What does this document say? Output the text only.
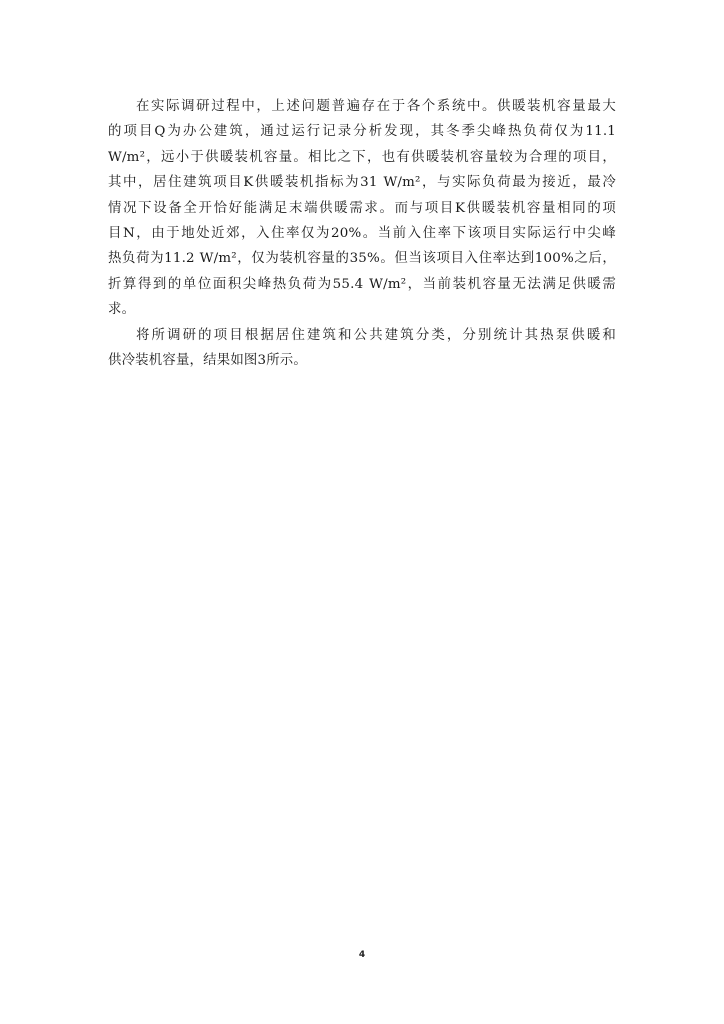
在实际调研过程中，上述问题普遍存在于各个系统中。供暖装机容量最大
的项目Q为办公建筑，通过运行记录分析发现，其冬季尖峰热负荷仅为11.1
W/m²，远小于供暖装机容量。相比之下，也有供暖装机容量较为合理的项目，
其中，居住建筑项目K供暖装机指标为31 W/m²，与实际负荷最为接近，最冷
情况下设备全开恰好能满足末端供暖需求。而与项目K供暖装机容量相同的项
目N，由于地处近郊，入住率仅为20%。当前入住率下该项目实际运行中尖峰
热负荷为11.2 W/m²，仅为装机容量的35%。但当该项目入住率达到100%之后，
折算得到的单位面积尖峰热负荷为55.4 W/m²，当前装机容量无法满足供暖需
求。
将所调研的项目根据居住建筑和公共建筑分类，分别统计其热泵供暖和
供冷装机容量，结果如图3所示。
4
